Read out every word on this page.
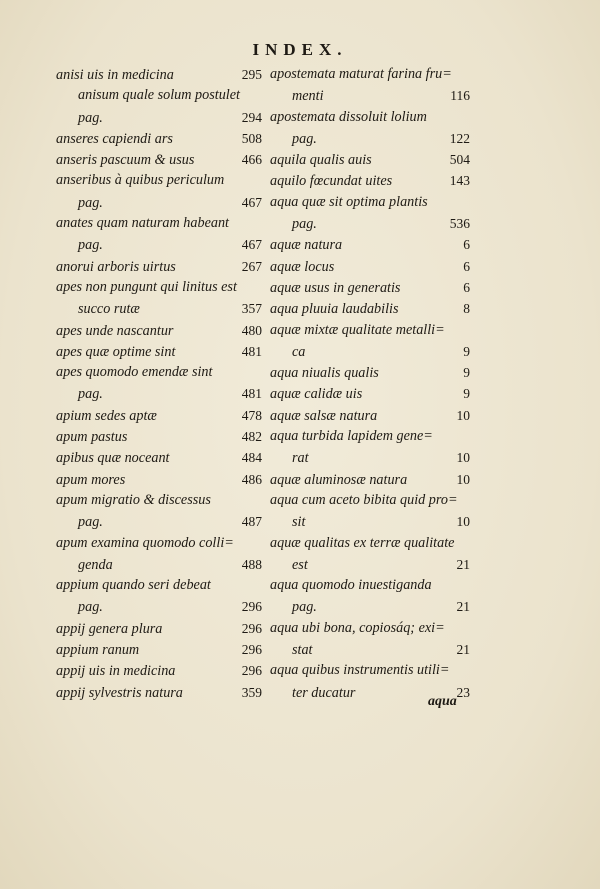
INDEX.
anisi uis in medicina	295
anisum quale solum postulet
pag.	294
anseres capiendi ars	508
anseris pascuum & usus	466
anseribus à quibus periculum
pag.	467
anates quam naturam habeant
pag.	467
anorui arboris uirtus	267
apes non pungunt qui linitus est
succo rutæ	357
apes unde nascantur	480
apes quæ optime sint	481
apes quomodo emendæ sint
pag.	481
apium sedes aptæ	478
apum pastus	482
apibus quæ noceant	484
apum mores	486
apum migratio & discessus
pag.	487
apum examina quomodo colli=
genda	488
appium quando seri debeat
pag.	296
appij genera plura	296
appium ranum	296
appij uis in medicina	296
appij sylvestris natura	359
apostemata maturat farina fru=
menti	116
apostemata dissoluit lolium
pag.	122
aquila qualis auis	504
aquilo fœcundat uites	143
aqua quæ sit optima plantis
pag.	536
aquæ natura	6
aquæ locus	6
aquæ usus in generatis	6
aqua pluuia laudabilis	8
aquæ mixtæ qualitate metalli=
ca	9
aqua niualis qualis	9
aquæ calidæ uis	9
aquæ salsæ natura	10
aqua turbida lapidem gene=
rat	10
aquæ aluminosæ natura	10
aqua cum aceto bibita quid pro=
sit	10
aquæ qualitas ex terræ qualitate
est	21
aqua quomodo inuestiganda
pag.	21
aqua ubi bona, copiosáq; exi=
stat	21
aqua quibus instrumentis utili=
ter ducatur	23
aqua
